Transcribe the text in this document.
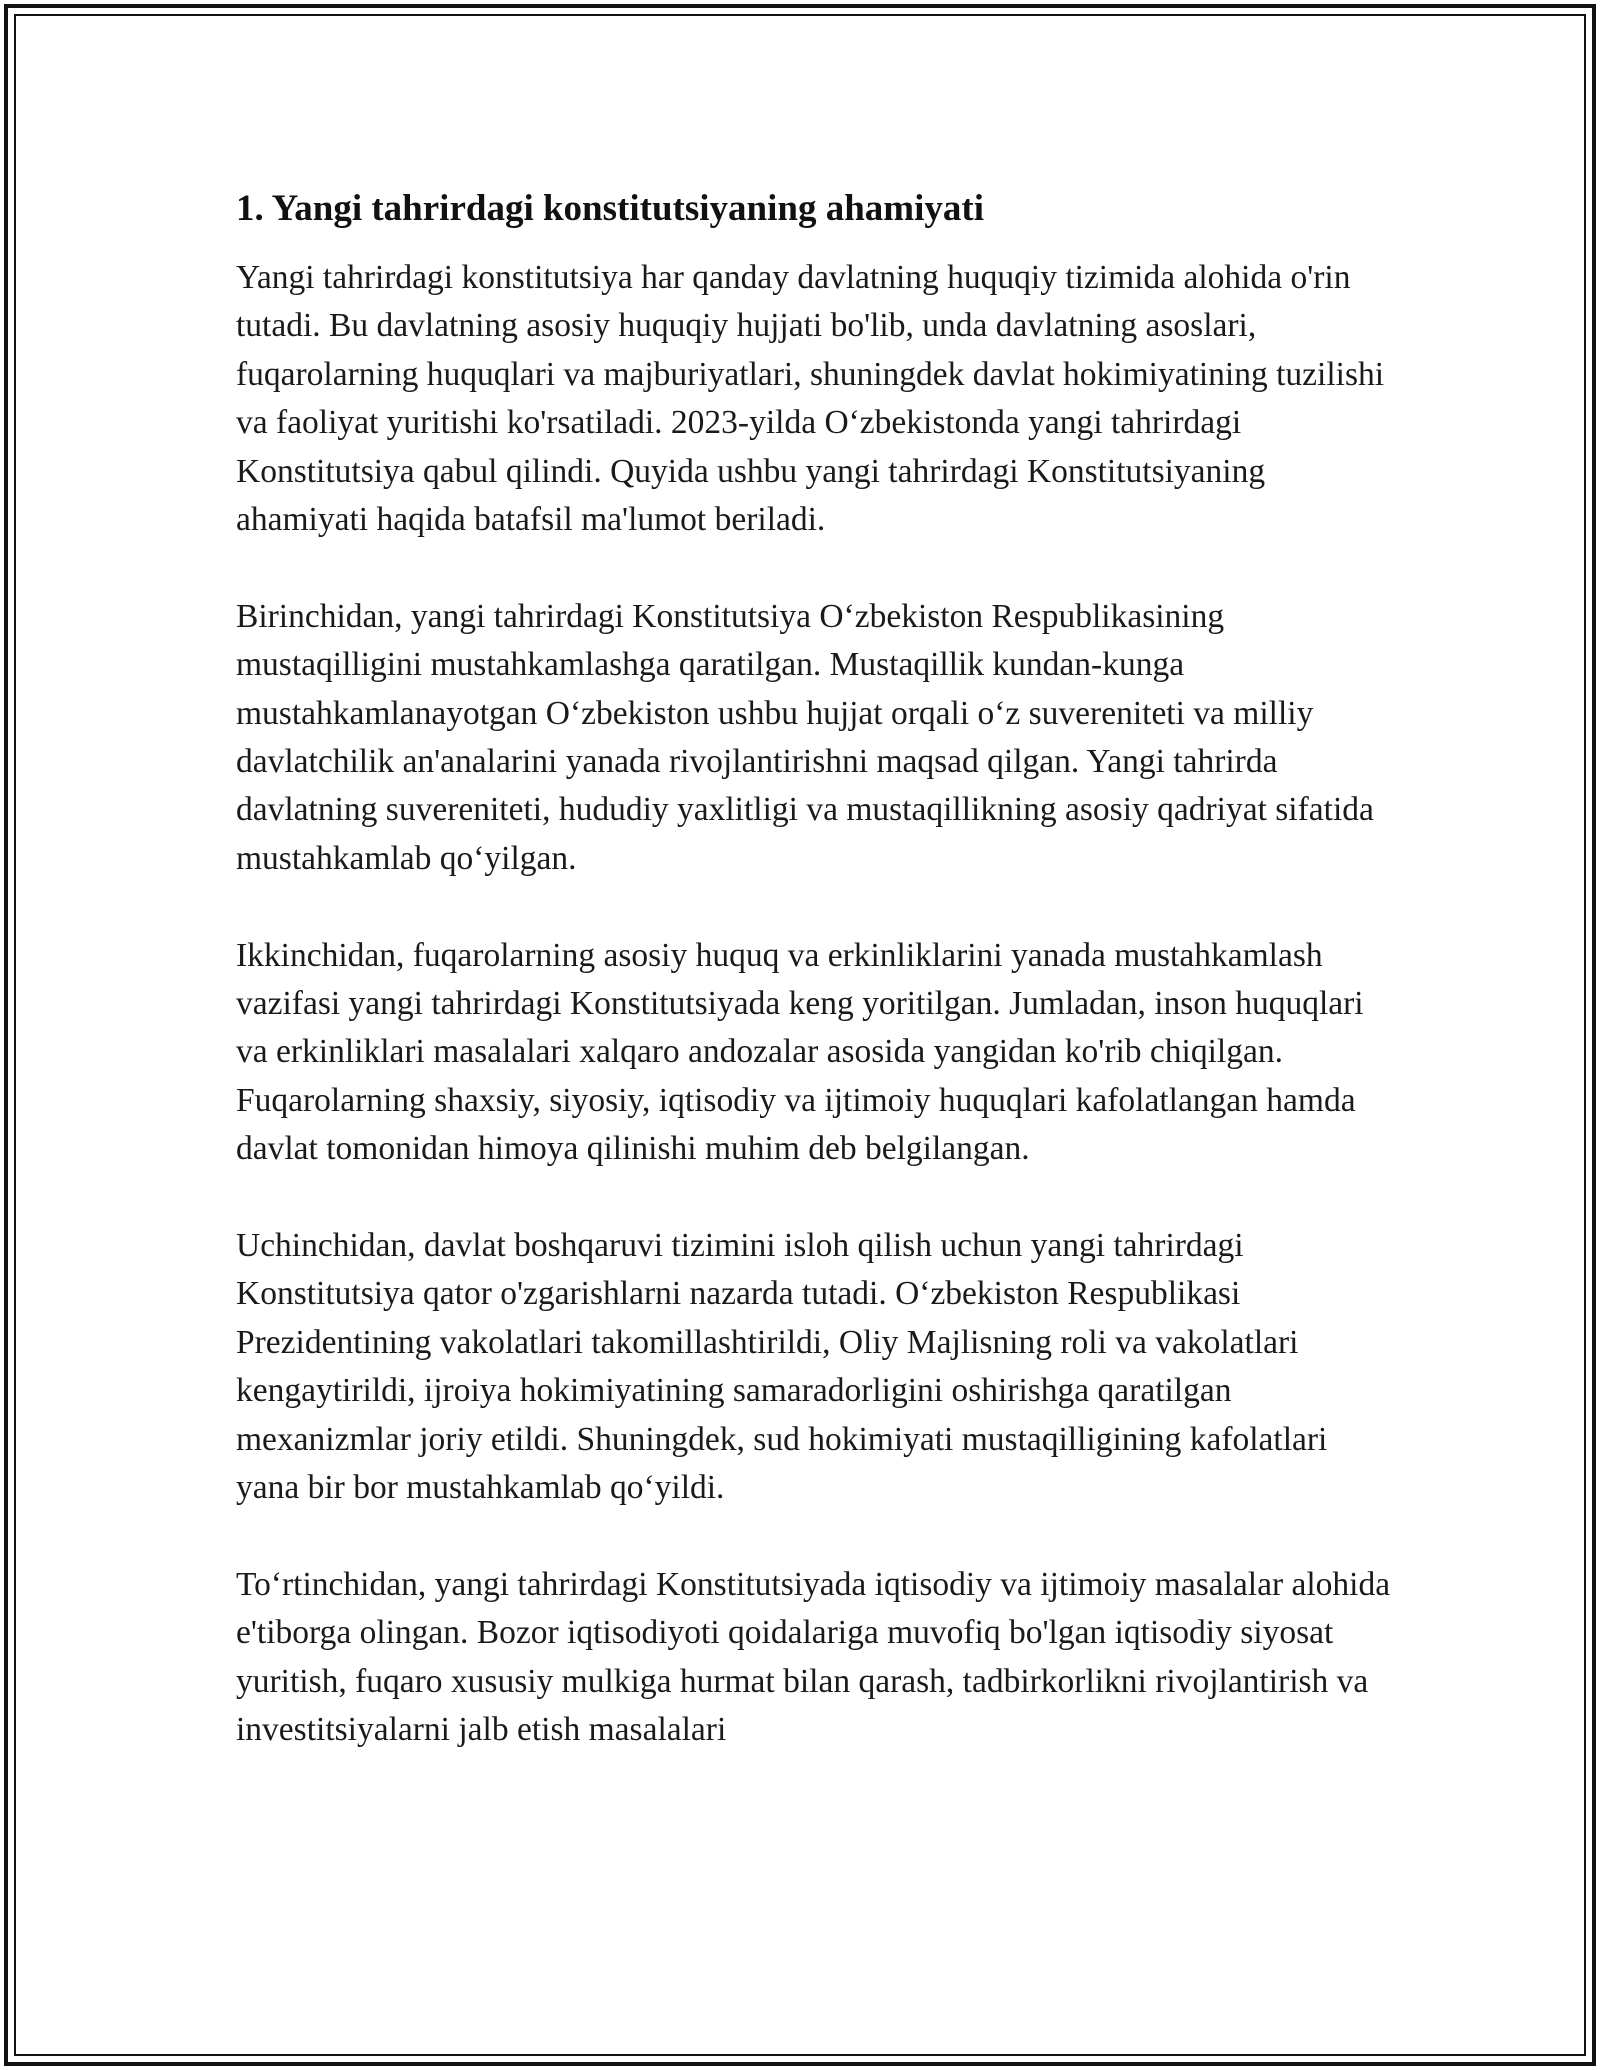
1. Yangi tahrirdagi konstitutsiyaning ahamiyati

Yangi tahrirdagi konstitutsiya har qanday davlatning huquqiy tizimida alohida o'rin tutadi. Bu davlatning asosiy huquqiy hujjati bo'lib, unda davlatning asoslari, fuqarolarning huquqlari va majburiyatlari, shuningdek davlat hokimiyatining tuzilishi va faoliyat yuritishi ko'rsatiladi. 2023-yilda O‘zbekistonda yangi tahrirdagi Konstitutsiya qabul qilindi. Quyida ushbu yangi tahrirdagi Konstitutsiyaning ahamiyati haqida batafsil ma'lumot beriladi.

Birinchidan, yangi tahrirdagi Konstitutsiya O‘zbekiston Respublikasining mustaqilligini mustahkamlashga qaratilgan. Mustaqillik kundan-kunga mustahkamlanayotgan O‘zbekiston ushbu hujjat orqali o‘z suvereniteti va milliy davlatchilik an'analarini yanada rivojlantirishni maqsad qilgan. Yangi tahrirda davlatning suvereniteti, hududiy yaxlitligi va mustaqillikning asosiy qadriyat sifatida mustahkamlab qo‘yilgan.

Ikkinchidan, fuqarolarning asosiy huquq va erkinliklarini yanada mustahkamlash vazifasi yangi tahrirdagi Konstitutsiyada keng yoritilgan. Jumladan, inson huquqlari va erkinliklari masalalari xalqaro andozalar asosida yangidan ko'rib chiqilgan. Fuqarolarning shaxsiy, siyosiy, iqtisodiy va ijtimoiy huquqlari kafolatlangan hamda davlat tomonidan himoya qilinishi muhim deb belgilangan.

Uchinchidan, davlat boshqaruvi tizimini isloh qilish uchun yangi tahrirdagi Konstitutsiya qator o'zgarishlarni nazarda tutadi. O‘zbekiston Respublikasi Prezidentining vakolatlari takomillashtirildi, Oliy Majlisning roli va vakolatlari kengaytirildi, ijroiya hokimiyatining samaradorligini oshirishga qaratilgan mexanizmlar joriy etildi. Shuningdek, sud hokimiyati mustaqilligining kafolatlari yana bir bor mustahkamlab qo‘yildi.

To‘rtinchidan, yangi tahrirdagi Konstitutsiyada iqtisodiy va ijtimoiy masalalar alohida e'tiborga olingan. Bozor iqtisodiyoti qoidalariga muvofiq bo'lgan iqtisodiy siyosat yuritish, fuqaro xususiy mulkiga hurmat bilan qarash, tadbirkorlikni rivojlantirish va investitsiyalarni jalb etish masalalari
